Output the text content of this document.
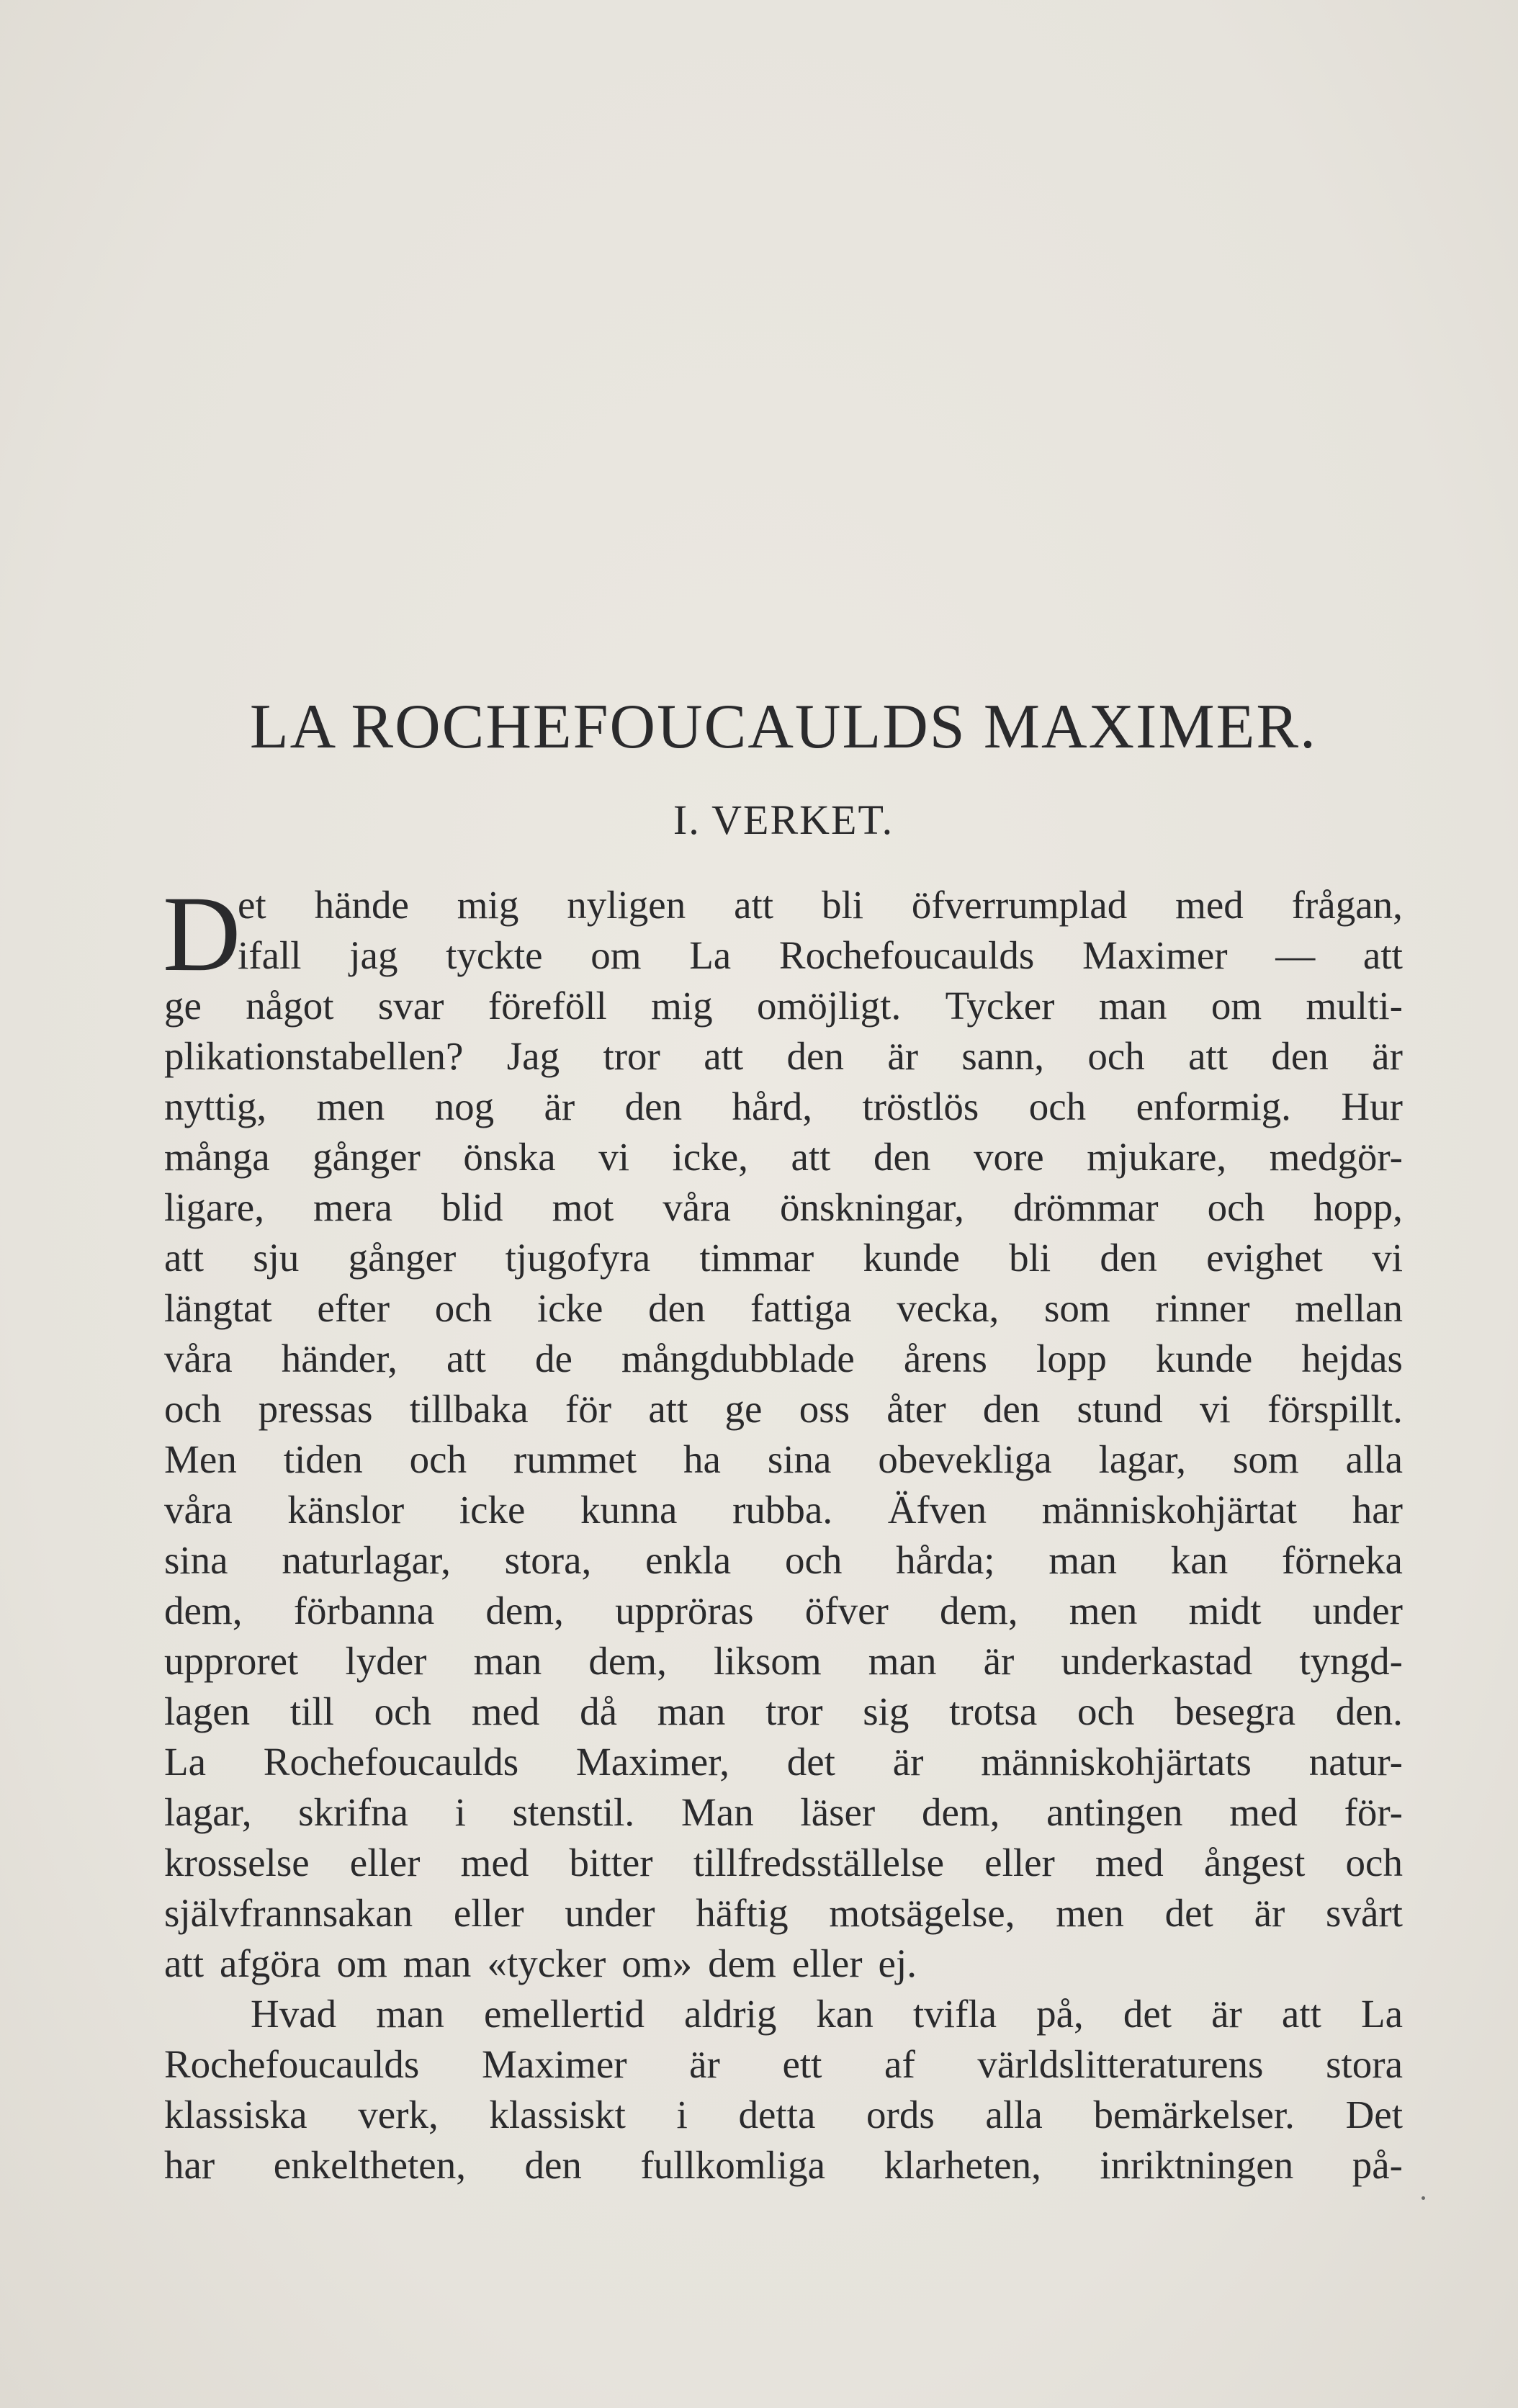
LA ROCHEFOUCAULDS MAXIMER.
I. VERKET.
D
et hände mig nyligen att bli öfverrumplad med frågan,
ifall jag tyckte om La Rochefoucaulds Maximer — att
ge något svar föreföll mig omöjligt. Tycker man om multi-
plikationstabellen? Jag tror att den är sann, och att den är
nyttig, men nog är den hård, tröstlös och enformig. Hur
många gånger önska vi icke, att den vore mjukare, medgör-
ligare, mera blid mot våra önskningar, drömmar och hopp,
att sju gånger tjugofyra timmar kunde bli den evighet vi
längtat efter och icke den fattiga vecka, som rinner mellan
våra händer, att de mångdubblade årens lopp kunde hejdas
och pressas tillbaka för att ge oss åter den stund vi förspillt.
Men tiden och rummet ha sina obevekliga lagar, som alla
våra känslor icke kunna rubba. Äfven människohjärtat har
sina naturlagar, stora, enkla och hårda; man kan förneka
dem, förbanna dem, uppröras öfver dem, men midt under
upproret lyder man dem, liksom man är underkastad tyngd-
lagen till och med då man tror sig trotsa och besegra den.
La Rochefoucaulds Maximer, det är människohjärtats natur-
lagar, skrifna i stenstil. Man läser dem, antingen med för-
krosselse eller med bitter tillfredsställelse eller med ångest och
självfrannsakan eller under häftig motsägelse, men det är svårt
att afgöra om man «tycker om» dem eller ej.
Hvad man emellertid aldrig kan tvifla på, det är att La
Rochefoucaulds Maximer är ett af världslitteraturens stora
klassiska verk, klassiskt i detta ords alla bemärkelser. Det
har enkeltheten, den fullkomliga klarheten, inriktningen på-
